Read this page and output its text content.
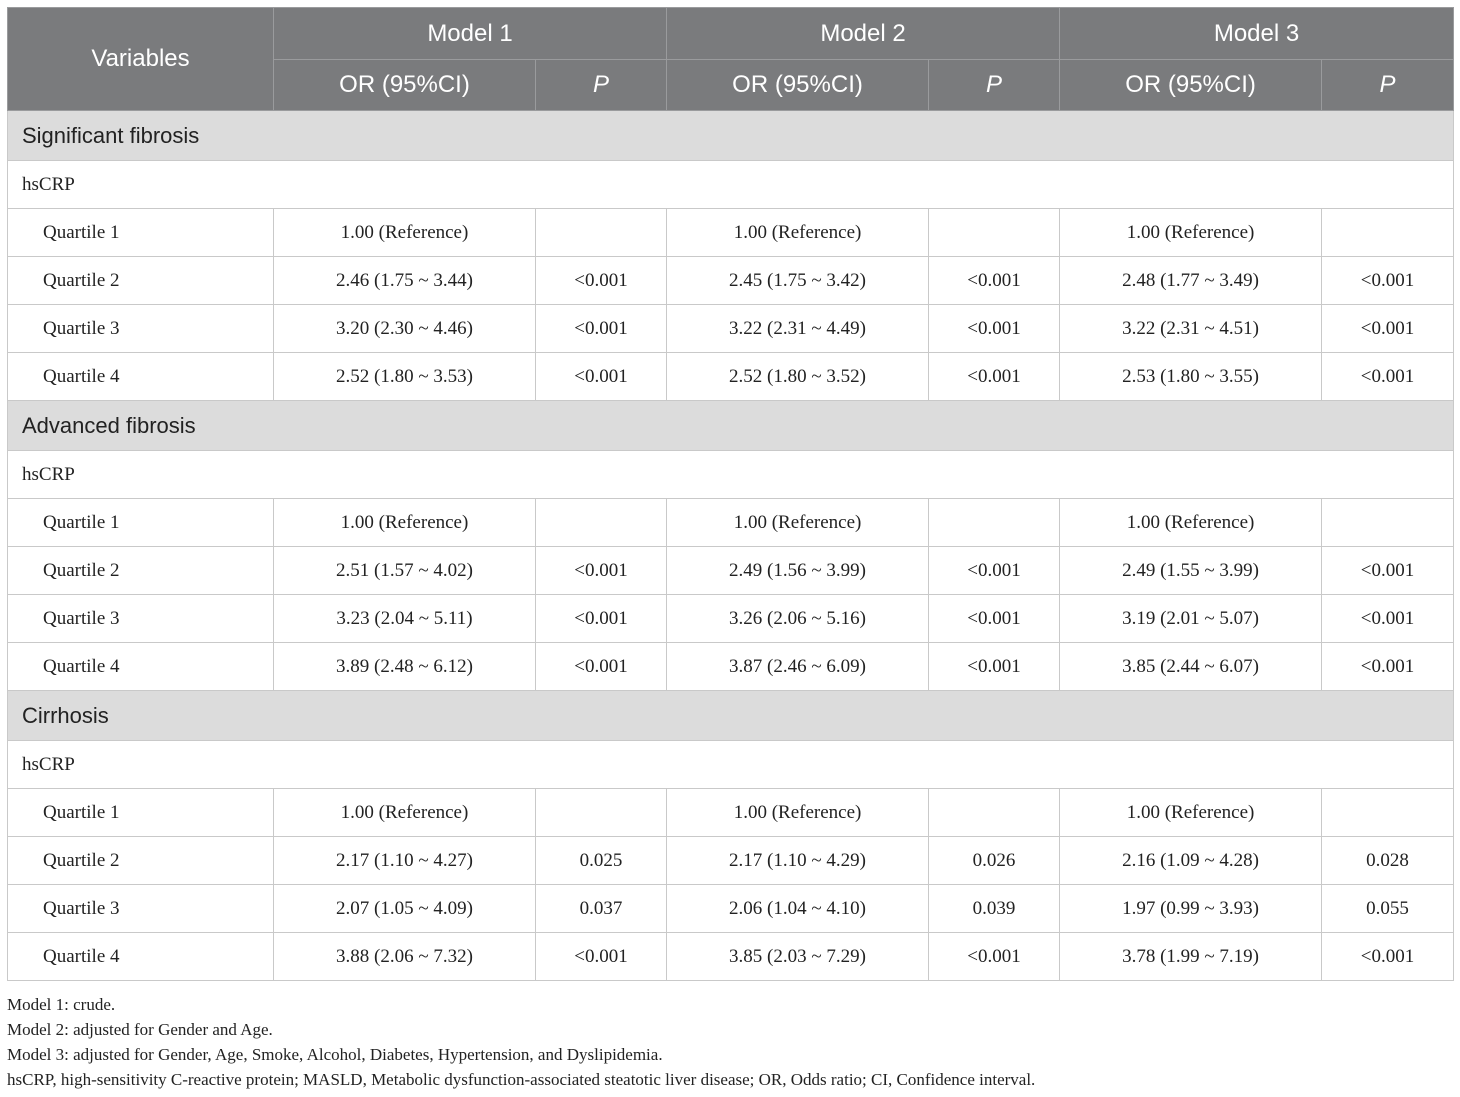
Variables	Model 1		Model 2		Model 3	
	OR (95%CI)	P	OR (95%CI)	P	OR (95%CI)	P
Significant fibrosis						
hsCRP						
Quartile 1	1.00 (Reference)		1.00 (Reference)		1.00 (Reference)	
Quartile 2	2.46 (1.75 ~ 3.44)	<0.001	2.45 (1.75 ~ 3.42)	<0.001	2.48 (1.77 ~ 3.49)	<0.001
Quartile 3	3.20 (2.30 ~ 4.46)	<0.001	3.22 (2.31 ~ 4.49)	<0.001	3.22 (2.31 ~ 4.51)	<0.001
Quartile 4	2.52 (1.80 ~ 3.53)	<0.001	2.52 (1.80 ~ 3.52)	<0.001	2.53 (1.80 ~ 3.55)	<0.001
Advanced fibrosis						
hsCRP						
Quartile 1	1.00 (Reference)		1.00 (Reference)		1.00 (Reference)	
Quartile 2	2.51 (1.57 ~ 4.02)	<0.001	2.49 (1.56 ~ 3.99)	<0.001	2.49 (1.55 ~ 3.99)	<0.001
Quartile 3	3.23 (2.04 ~ 5.11)	<0.001	3.26 (2.06 ~ 5.16)	<0.001	3.19 (2.01 ~ 5.07)	<0.001
Quartile 4	3.89 (2.48 ~ 6.12)	<0.001	3.87 (2.46 ~ 6.09)	<0.001	3.85 (2.44 ~ 6.07)	<0.001
Cirrhosis						
hsCRP						
Quartile 1	1.00 (Reference)		1.00 (Reference)		1.00 (Reference)	
Quartile 2	2.17 (1.10 ~ 4.27)	0.025	2.17 (1.10 ~ 4.29)	0.026	2.16 (1.09 ~ 4.28)	0.028
Quartile 3	2.07 (1.05 ~ 4.09)	0.037	2.06 (1.04 ~ 4.10)	0.039	1.97 (0.99 ~ 3.93)	0.055
Quartile 4	3.88 (2.06 ~ 7.32)	<0.001	3.85 (2.03 ~ 7.29)	<0.001	3.78 (1.99 ~ 7.19)	<0.001
Model 1: crude.
Model 2: adjusted for Gender and Age.
Model 3: adjusted for Gender, Age, Smoke, Alcohol, Diabetes, Hypertension, and Dyslipidemia.
hsCRP, high-sensitivity C-reactive protein; MASLD, Metabolic dysfunction-associated steatotic liver disease; OR, Odds ratio; CI, Confidence interval.
